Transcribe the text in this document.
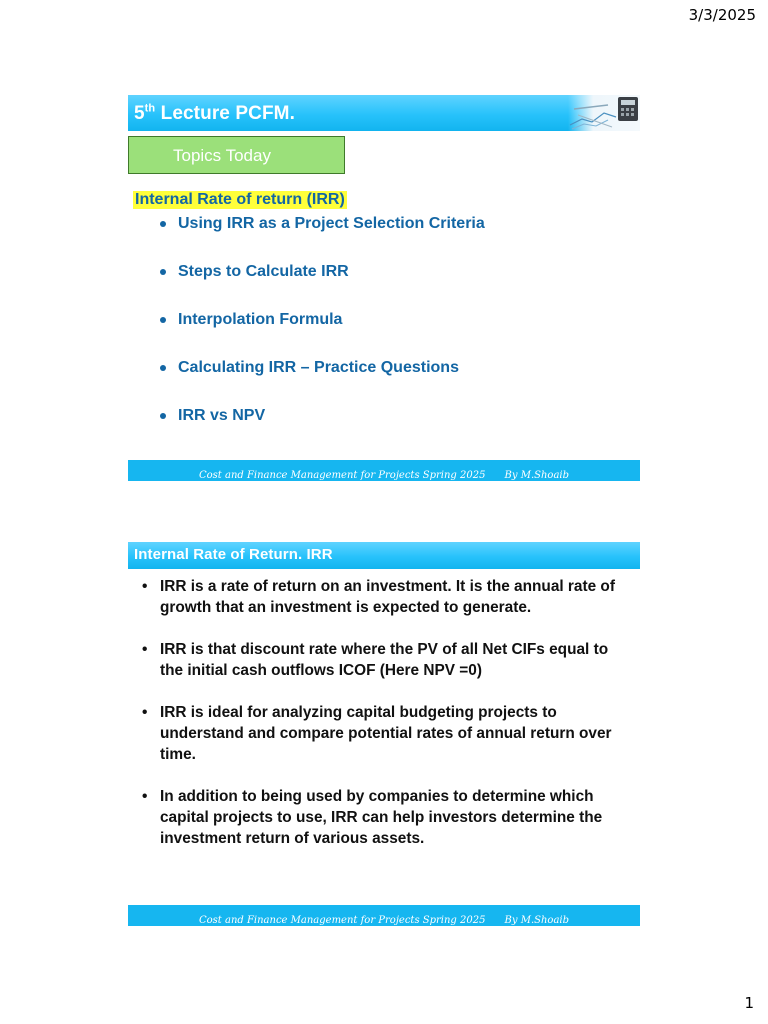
3/3/2025
5th Lecture PCFM.
Topics Today
Internal Rate of return (IRR)
Using IRR as a Project Selection Criteria
Steps to Calculate IRR
Interpolation Formula
Calculating IRR – Practice Questions
IRR vs NPV
Cost and Finance Management for Projects Spring 2025      By M.Shoaib
Internal Rate of Return. IRR
• IRR is a rate of return on an investment. It is the annual rate of growth that an investment is expected to generate.
• IRR is that discount rate where the PV of all Net CIFs equal to the initial cash outflows ICOF (Here NPV =0)
• IRR is ideal for analyzing capital budgeting projects to understand and compare potential rates of annual return over time.
• In addition to being used by companies to determine which capital projects to use, IRR can help investors determine the investment return of various assets.
Cost and Finance Management for Projects Spring 2025      By M.Shoaib
1
